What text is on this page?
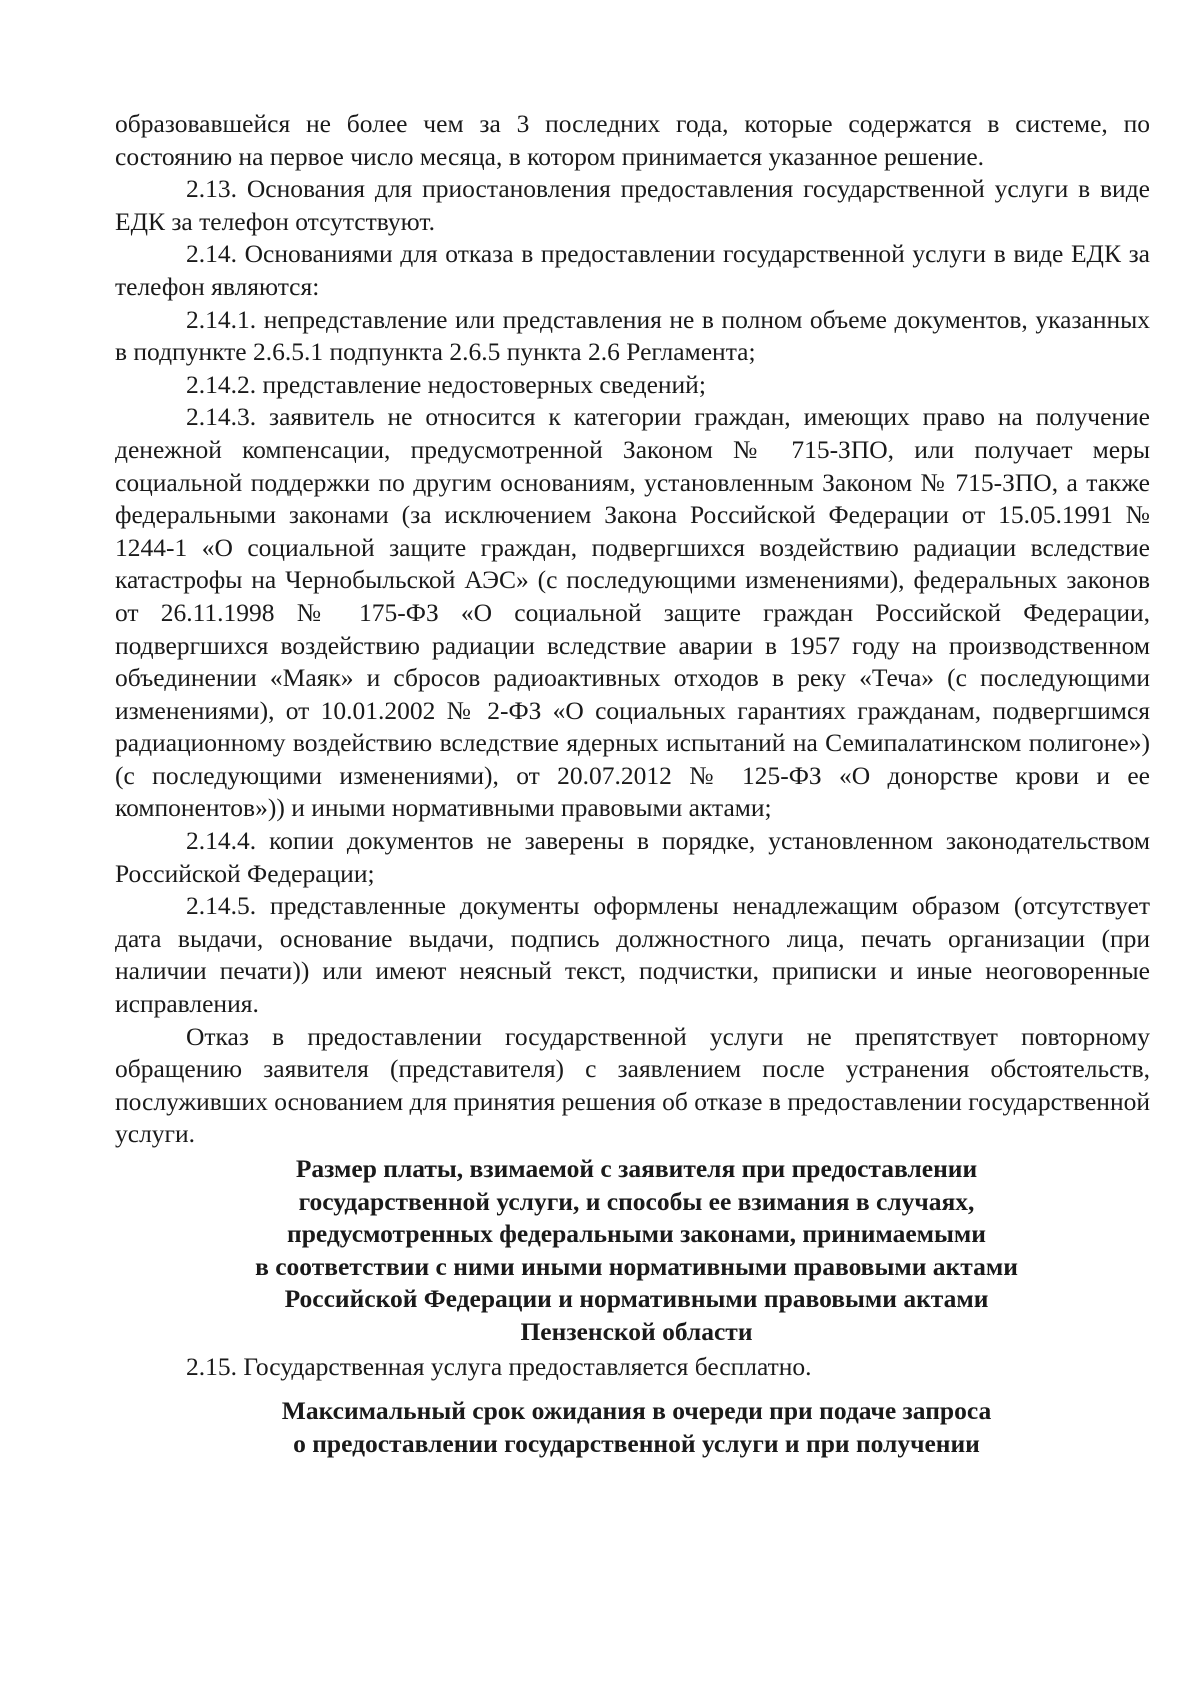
образовавшейся не более чем за 3 последних года, которые содержатся в системе, по состоянию на первое число месяца, в котором принимается указанное решение.

2.13. Основания для приостановления предоставления государственной услуги в виде ЕДК за телефон отсутствуют.

2.14. Основаниями для отказа в предоставлении государственной услуги в виде ЕДК за телефон являются:

2.14.1. непредставление или представления не в полном объеме документов, указанных в подпункте 2.6.5.1 подпункта 2.6.5 пункта 2.6 Регламента;

2.14.2. представление недостоверных сведений;

2.14.3. заявитель не относится к категории граждан, имеющих право на получение денежной компенсации, предусмотренной Законом № 715-ЗПО, или получает меры социальной поддержки по другим основаниям, установленным Законом № 715-ЗПО, а также федеральными законами (за исключением Закона Российской Федерации от 15.05.1991 № 1244-1 «О социальной защите граждан, подвергшихся воздействию радиации вследствие катастрофы на Чернобыльской АЭС» (с последующими изменениями), федеральных законов от 26.11.1998 № 175-ФЗ «О социальной защите граждан Российской Федерации, подвергшихся воздействию радиации вследствие аварии в 1957 году на производственном объединении «Маяк» и сбросов радиоактивных отходов в реку «Теча» (с последующими изменениями), от 10.01.2002 № 2-ФЗ «О социальных гарантиях гражданам, подвергшимся радиационному воздействию вследствие ядерных испытаний на Семипалатинском полигоне») (с последующими изменениями), от 20.07.2012 № 125-ФЗ «О донорстве крови и ее компонентов»)) и иными нормативными правовыми актами;

2.14.4. копии документов не заверены в порядке, установленном законодательством Российской Федерации;

2.14.5. представленные документы оформлены ненадлежащим образом (отсутствует дата выдачи, основание выдачи, подпись должностного лица, печать организации (при наличии печати)) или имеют неясный текст, подчистки, приписки и иные неоговоренные исправления.

Отказ в предоставлении государственной услуги не препятствует повторному обращению заявителя (представителя) с заявлением после устранения обстоятельств, послуживших основанием для принятия решения об отказе в предоставлении государственной услуги.

Размер платы, взимаемой с заявителя при предоставлении

государственной услуги, и способы ее взимания в случаях,

предусмотренных федеральными законами, принимаемыми

в соответствии с ними иными нормативными правовыми актами

Российской Федерации и нормативными правовыми актами

Пензенской области

2.15. Государственная услуга предоставляется бесплатно.

Максимальный срок ожидания в очереди при подаче запроса

о предоставлении государственной услуги и при получении
